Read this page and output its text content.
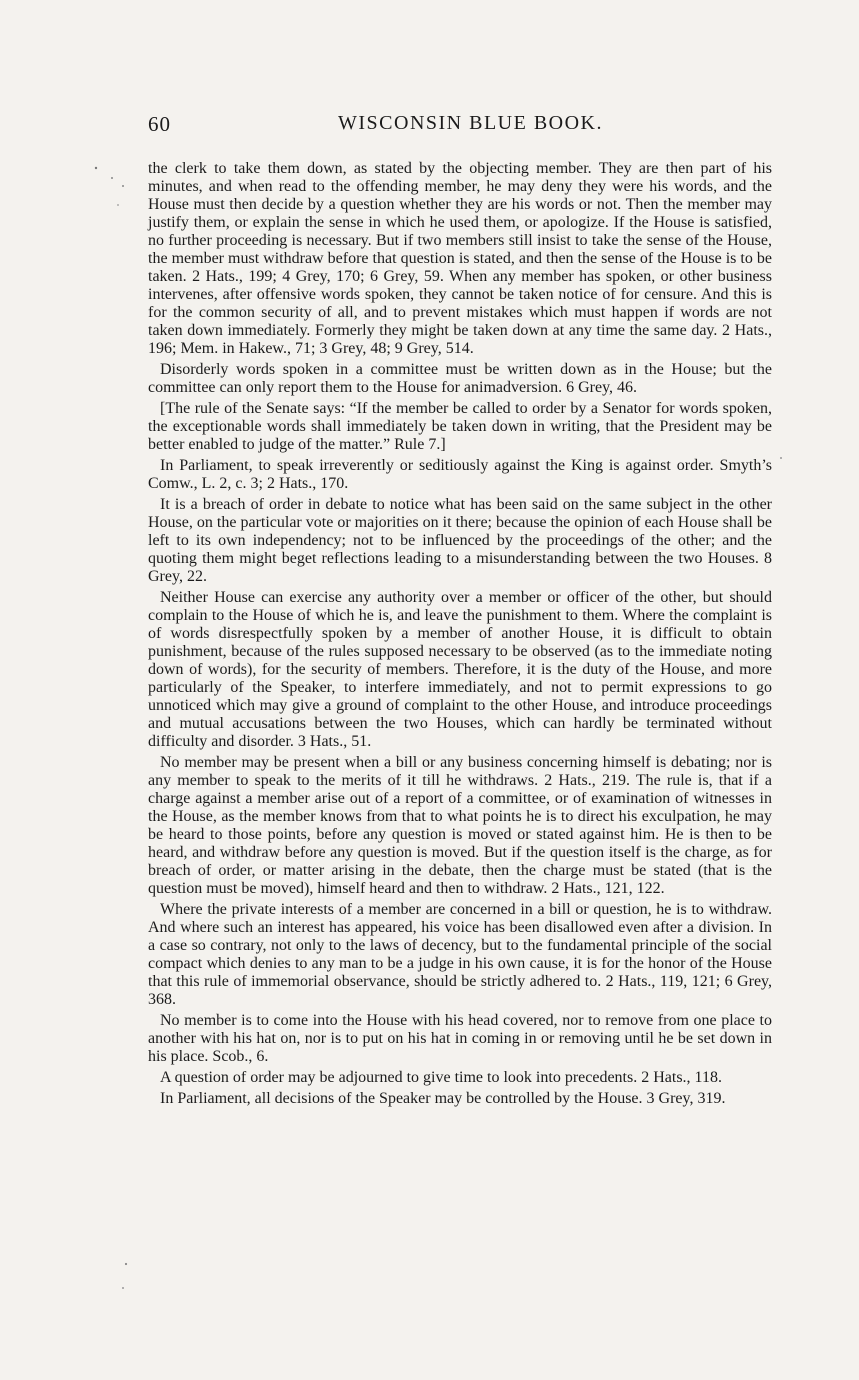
60	WISCONSIN BLUE BOOK.

the clerk to take them down, as stated by the objecting member. They are then part of his minutes, and when read to the offending member, he may deny they were his words, and the House must then decide by a question whether they are his words or not. Then the member may justify them, or explain the sense in which he used them, or apologize. If the House is satisfied, no further proceeding is necessary. But if two members still insist to take the sense of the House, the member must withdraw before that question is stated, and then the sense of the House is to be taken. 2 Hats., 199; 4 Grey, 170; 6 Grey, 59. When any member has spoken, or other business intervenes, after offensive words spoken, they cannot be taken notice of for censure. And this is for the common security of all, and to prevent mistakes which must happen if words are not taken down immediately. Formerly they might be taken down at any time the same day. 2 Hats., 196; Mem. in Hakew., 71; 3 Grey, 48; 9 Grey, 514.

Disorderly words spoken in a committee must be written down as in the House; but the committee can only report them to the House for animadversion. 6 Grey, 46.

[The rule of the Senate says: “If the member be called to order by a Senator for words spoken, the exceptionable words shall immediately be taken down in writing, that the President may be better enabled to judge of the matter.” Rule 7.]

In Parliament, to speak irreverently or seditiously against the King is against order. Smyth’s Comw., L. 2, c. 3; 2 Hats., 170.

It is a breach of order in debate to notice what has been said on the same subject in the other House, on the particular vote or majorities on it there; because the opinion of each House shall be left to its own independency; not to be influenced by the proceedings of the other; and the quoting them might beget reflections leading to a misunderstanding between the two Houses. 8 Grey, 22.

Neither House can exercise any authority over a member or officer of the other, but should complain to the House of which he is, and leave the punishment to them. Where the complaint is of words disrespectfully spoken by a member of another House, it is difficult to obtain punishment, because of the rules supposed necessary to be observed (as to the immediate noting down of words), for the security of members. Therefore, it is the duty of the House, and more particularly of the Speaker, to interfere immediately, and not to permit expressions to go unnoticed which may give a ground of complaint to the other House, and introduce proceedings and mutual accusations between the two Houses, which can hardly be terminated without difficulty and disorder. 3 Hats., 51.

No member may be present when a bill or any business concerning himself is debating; nor is any member to speak to the merits of it till he withdraws. 2 Hats., 219. The rule is, that if a charge against a member arise out of a report of a committee, or of examination of witnesses in the House, as the member knows from that to what points he is to direct his exculpation, he may be heard to those points, before any question is moved or stated against him. He is then to be heard, and withdraw before any question is moved. But if the question itself is the charge, as for breach of order, or matter arising in the debate, then the charge must be stated (that is the question must be moved), himself heard and then to withdraw. 2 Hats., 121, 122.

Where the private interests of a member are concerned in a bill or question, he is to withdraw. And where such an interest has appeared, his voice has been disallowed even after a division. In a case so contrary, not only to the laws of decency, but to the fundamental principle of the social compact which denies to any man to be a judge in his own cause, it is for the honor of the House that this rule of immemorial observance, should be strictly adhered to. 2 Hats., 119, 121; 6 Grey, 368.

No member is to come into the House with his head covered, nor to remove from one place to another with his hat on, nor is to put on his hat in coming in or removing until he be set down in his place. Scob., 6.

A question of order may be adjourned to give time to look into precedents. 2 Hats., 118.

In Parliament, all decisions of the Speaker may be controlled by the House. 3 Grey, 319.
